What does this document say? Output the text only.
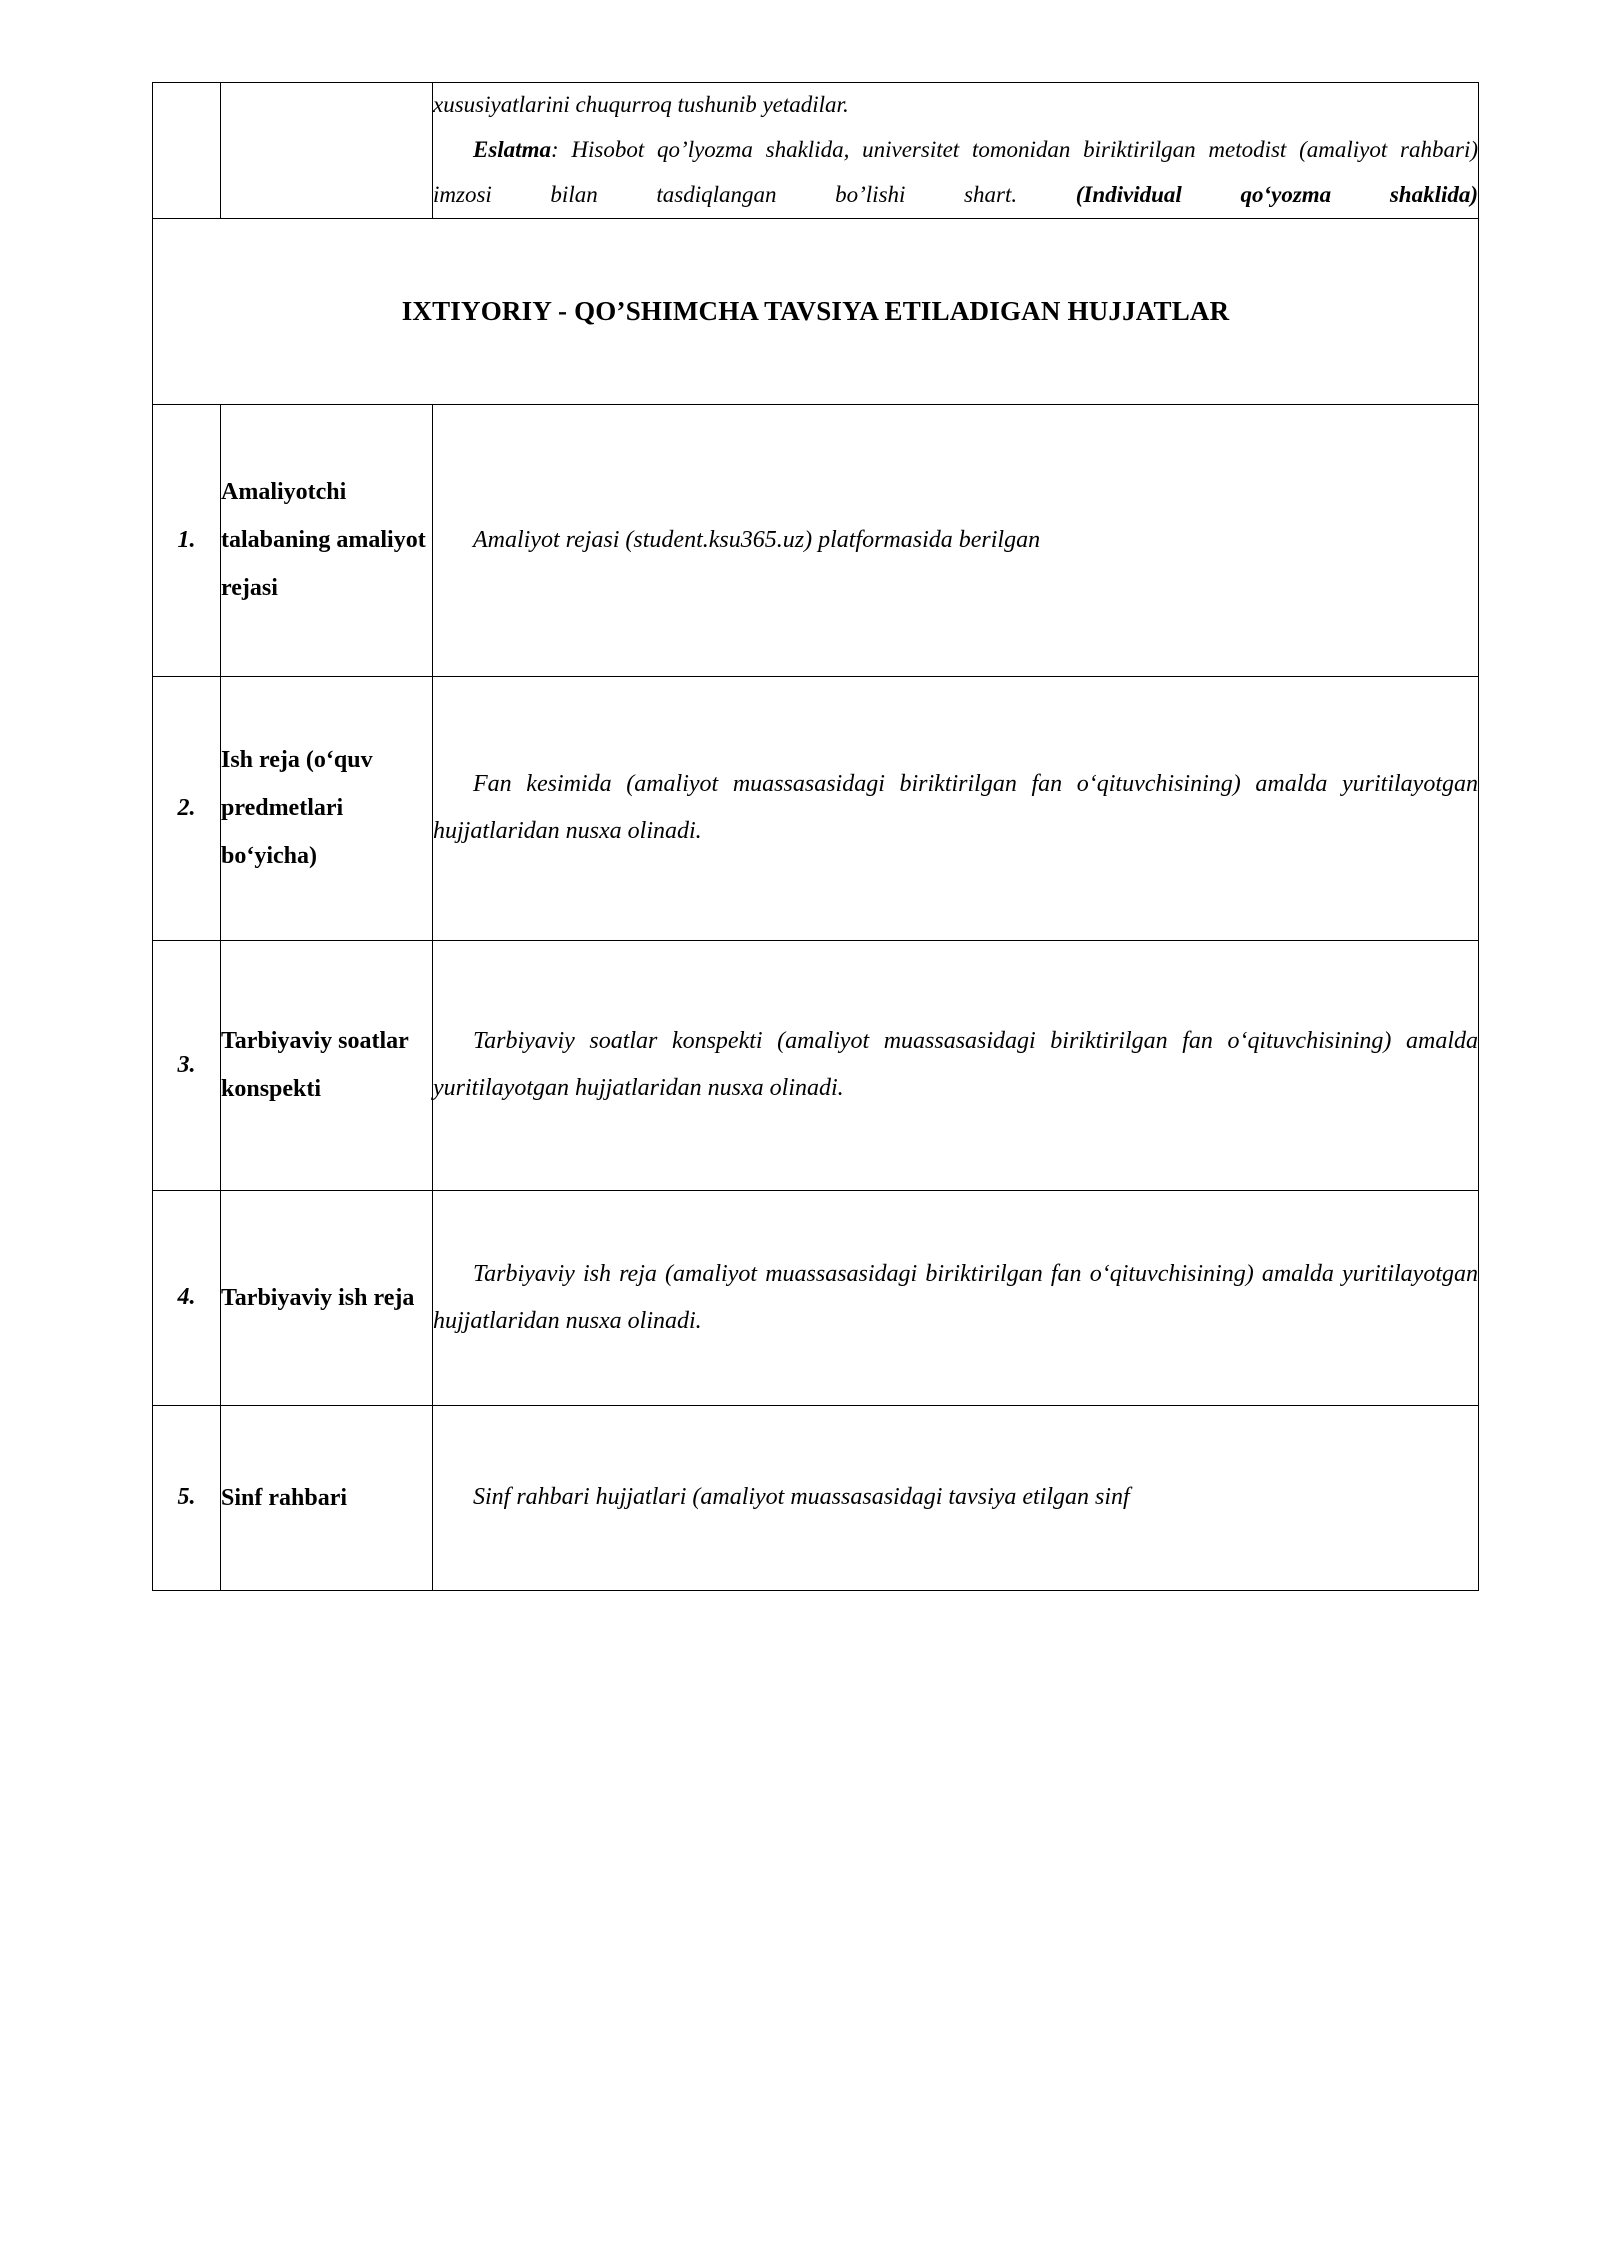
		xususiyatlarini chuqurroq tushunib yetadilar.

Eslatma: Hisobot qo’lyozma shaklida, universitet tomonidan biriktirilgan metodist (amaliyot rahbari) imzosi bilan tasdiqlangan bo’lishi shart. (Individual qo‘yozma shaklida)

IXTIYORIY - QO’SHIMCHA TAVSIYA ETILADIGAN HUJJATLAR		

1.	Amaliyotchi talabaning amaliyot rejasi	Amaliyot rejasi (student.ksu365.uz) platformasida berilgan

2.	Ish reja (o‘quv predmetlari bo‘yicha)	Fan kesimida (amaliyot muassasasidagi biriktirilgan fan o‘qituvchisining) amalda yuritilayotgan hujjatlaridan nusxa olinadi.

3.	Tarbiyaviy soatlar konspekti	Tarbiyaviy soatlar konspekti (amaliyot muassasasidagi biriktirilgan fan o‘qituvchisining) amalda yuritilayotgan hujjatlaridan nusxa olinadi.

4.	Tarbiyaviy ish reja	Tarbiyaviy ish reja (amaliyot muassasasidagi biriktirilgan fan o‘qituvchisining) amalda yuritilayotgan hujjatlaridan nusxa olinadi.

5.	Sinf rahbari	Sinf rahbari hujjatlari (amaliyot muassasasidagi tavsiya etilgan sinf
